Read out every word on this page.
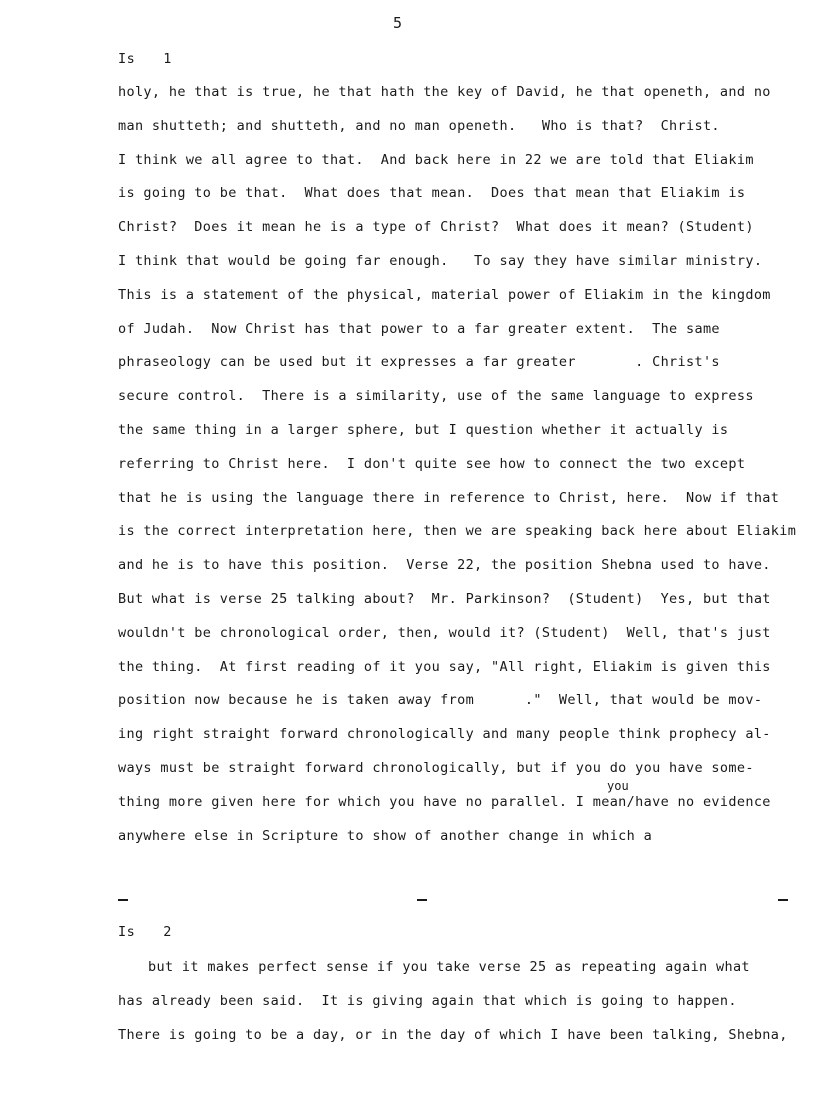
5
Is 1
holy, he that is true, he that hath the key of David, he that openeth, and no
man shutteth; and shutteth, and no man openeth.   Who is that?  Christ.
I think we all agree to that.  And back here in 22 we are told that Eliakim
is going to be that.  What does that mean.  Does that mean that Eliakim is
Christ?  Does it mean he is a type of Christ?  What does it mean? (Student)
I think that would be going far enough.   To say they have similar ministry.
This is a statement of the physical, material power of Eliakim in the kingdom
of Judah.  Now Christ has that power to a far greater extent.  The same
phraseology can be used but it expresses a far greater       . Christ's
secure control.  There is a similarity, use of the same language to express
the same thing in a larger sphere, but I question whether it actually is
referring to Christ here.  I don't quite see how to connect the two except
that he is using the language there in reference to Christ, here.  Now if that
is the correct interpretation here, then we are speaking back here about Eliakim
and he is to have this position.  Verse 22, the position Shebna used to have.
But what is verse 25 talking about?  Mr. Parkinson?  (Student)  Yes, but that
wouldn't be chronological order, then, would it? (Student)  Well, that's just
the thing.  At first reading of it you say, "All right, Eliakim is given this
position now because he is taken away from      ."  Well, that would be mov-
ing right straight forward chronologically and many people think prophecy al-
ways must be straight forward chronologically, but if you do you have some-
thing more given here for which you have no parallel. I mean/have no evidence
anywhere else in Scripture to show of another change in which a
you
Is 2
but it makes perfect sense if you take verse 25 as repeating again what
has already been said.  It is giving again that which is going to happen.
There is going to be a day, or in the day of which I have been talking, Shebna,
